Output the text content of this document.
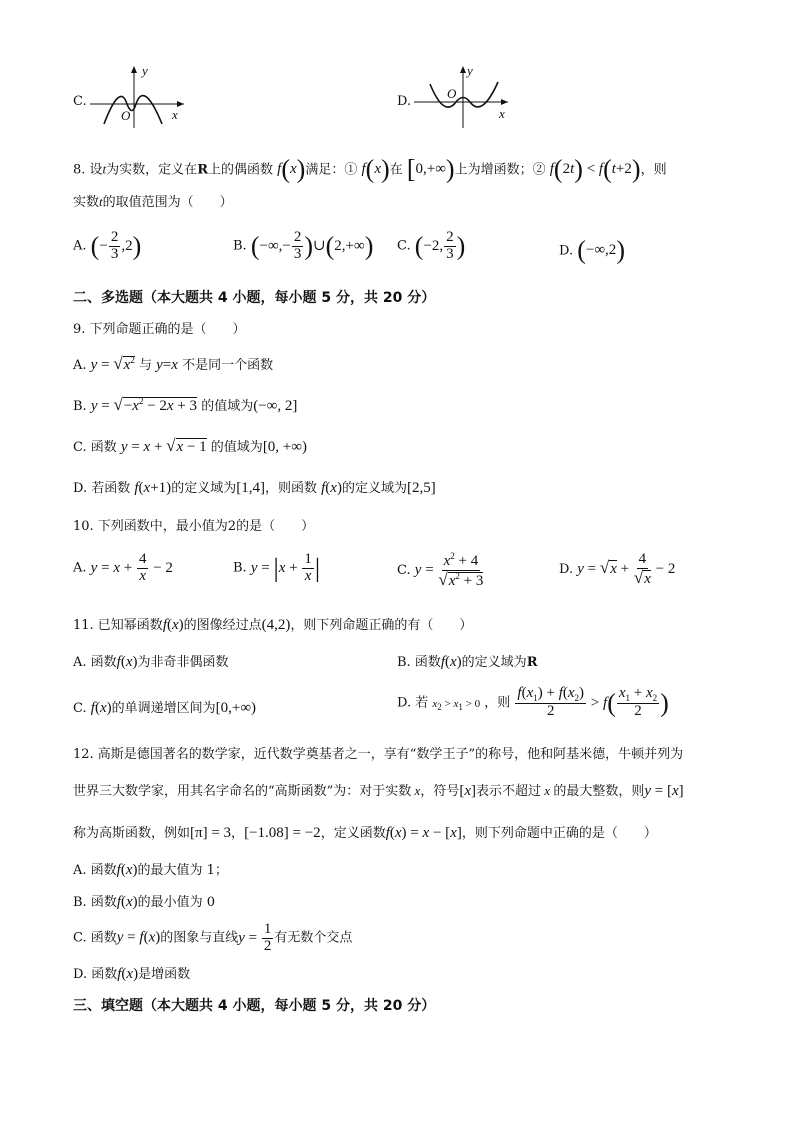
C.
y
x
O
D.
y
x
O
8. 设t为实数，定义在R上的偶函数 f(x)满足：① f(x)在 [0,+∞)上为增函数；② f(2t) < f(t+2)，则
实数t的取值范围为（　　）
A. (− $\frac{2}{3} ,2$)	B. (−∞,− $\frac{2}{3}$ )∪(2,+∞) C. (−2, $\frac{2}{3}$ )	D. (−∞,2)
二、多选题（本大题共 4 小题，每小题 5 分，共 20 分）
9. 下列命题正确的是（　　）
A. $y = √x^2$ 与 y=x 不是同一个函数
B. $y = √-x^2 - 2x + 3$ 的值域为(−∞, 2]
C. 函数 y = x + √x − 1 的值域为[0, +∞)
D. 若函数 f(x+1)的定义域为[1,4]，则函数 f(x)的定义域为[2,5]
10. 下列函数中，最小值为2的是（　　）
A. $y = x + \frac{4}{x} - 2$	B. $y = |x + \frac{1}{x}$ |	C. $y = \frac{x^2 + 4}{√x^2 + 3}$	D. $y = √x + \frac{4}{√x} - 2$
11. 已知幂函数f(x)的图像经过点(4,2)，则下列命题正确的有（　　）
A. 函数f(x)为非奇非偶函数	B. 函数f(x)的定义域为R
C. f(x)的单调递增区间为[0,+∞)	D. 若 $x_2 > x_1 > 0$ ，则 $\frac{f(x_1) + f(x_2)}{2} > f( \frac{x_1 + x_2}{2}$ )
12. 高斯是德国著名的数学家，近代数学奠基者之一，享有“数学王子”的称号，他和阿基米德，牛顿并列为
世界三大数学家，用其名字命名的“高斯函数”为：对于实数 x，符号[x]表示不超过 x 的最大整数，则y = [x]
称为高斯函数，例如[π] = 3，[−1.08] = −2，定义函数f(x) = x − [x]，则下列命题中正确的是（　　）
A. 函数f(x)的最大值为 1；
B. 函数f(x)的最小值为 0
C. 函数y = f(x)的图象与直线$y = \frac{1}{2}$ 有无数个交点
D. 函数f(x)是增函数
三、填空题（本大题共 4 小题，每小题 5 分，共 20 分）
